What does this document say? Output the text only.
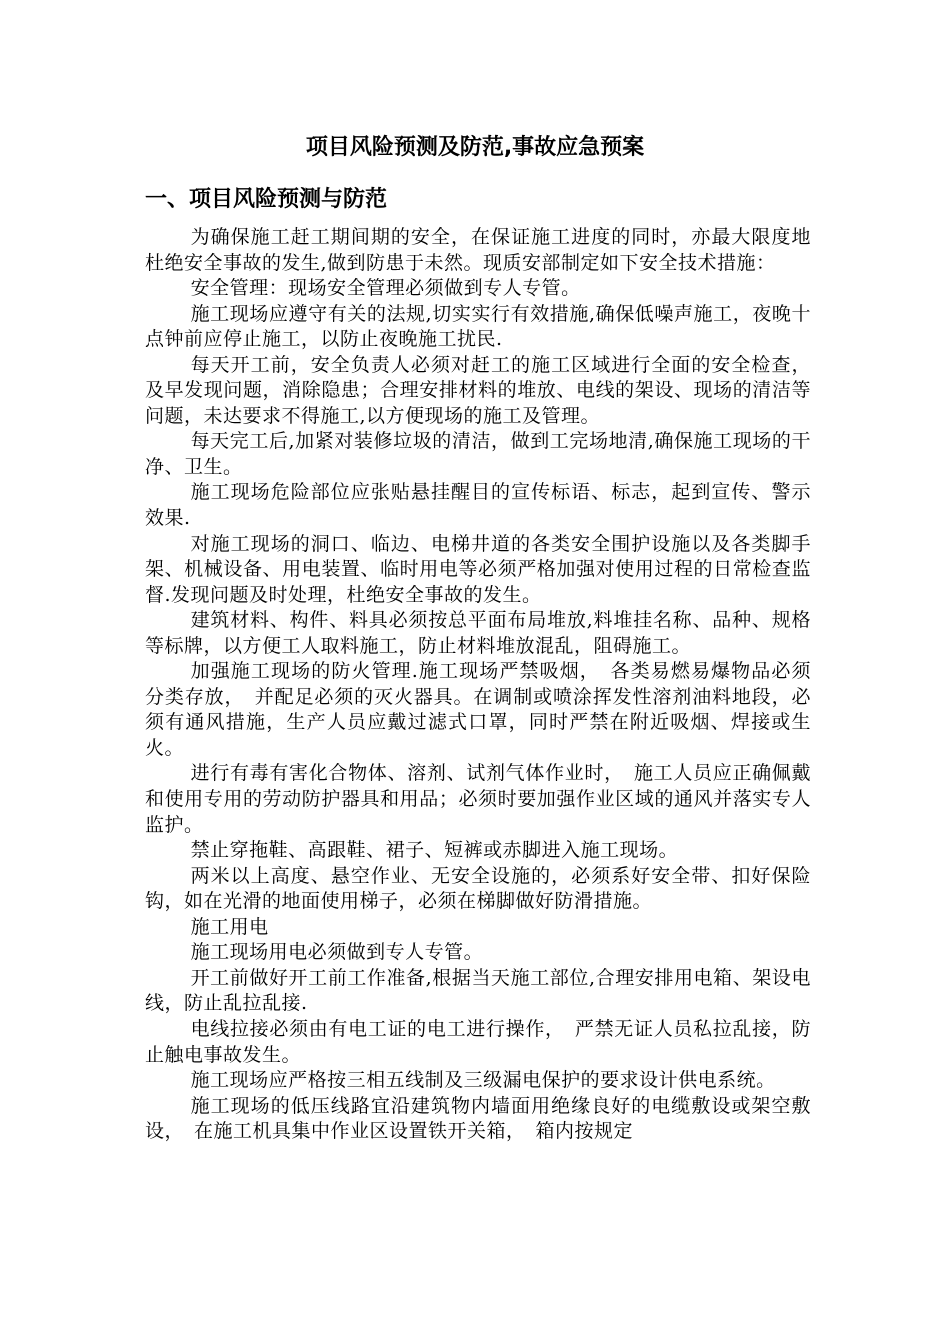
项目风险预测及防范,事故应急预案
一、项目风险预测与防范

为确保施工赶工期间期的安全，在保证施工进度的同时，亦最大限度地杜绝安全事故的发生,做到防患于未然。现质安部制定如下安全技术措施：

安全管理：现场安全管理必须做到专人专管。

施工现场应遵守有关的法规,切实实行有效措施,确保低噪声施工，夜晚十点钟前应停止施工，以防止夜晚施工扰民.

每天开工前，安全负责人必须对赶工的施工区域进行全面的安全检查，及早发现问题，消除隐患；合理安排材料的堆放、电线的架设、现场的清洁等问题，未达要求不得施工,以方便现场的施工及管理。

每天完工后,加紧对装修垃圾的清洁，做到工完场地清,确保施工现场的干净、卫生。

施工现场危险部位应张贴悬挂醒目的宣传标语、标志，起到宣传、警示效果.

对施工现场的洞口、临边、电梯井道的各类安全围护设施以及各类脚手架、机械设备、用电装置、临时用电等必须严格加强对使用过程的日常检查监督.发现问题及时处理，杜绝安全事故的发生。

建筑材料、构件、料具必须按总平面布局堆放,料堆挂名称、品种、规格等标牌，以方便工人取料施工，防止材料堆放混乱，阻碍施工。

加强施工现场的防火管理.施工现场严禁吸烟，　各类易燃易爆物品必须分类存放，　并配足必须的灭火器具。在调制或喷涂挥发性溶剂油料地段，必须有通风措施，生产人员应戴过滤式口罩，同时严禁在附近吸烟、焊接或生火。

进行有毒有害化合物体、溶剂、试剂气体作业时，　施工人员应正确佩戴和使用专用的劳动防护器具和用品；必须时要加强作业区域的通风并落实专人监护。

禁止穿拖鞋、高跟鞋、裙子、短裤或赤脚进入施工现场。

两米以上高度、悬空作业、无安全设施的，必须系好安全带、扣好保险钩，如在光滑的地面使用梯子，必须在梯脚做好防滑措施。

施工用电

施工现场用电必须做到专人专管。

开工前做好开工前工作准备,根据当天施工部位,合理安排用电箱、架设电线，防止乱拉乱接.

电线拉接必须由有电工证的电工进行操作，　严禁无证人员私拉乱接，防止触电事故发生。

施工现场应严格按三相五线制及三级漏电保护的要求设计供电系统。

施工现场的低压线路宜沿建筑物内墙面用绝缘良好的电缆敷设或架空敷设，　在施工机具集中作业区设置铁开关箱，　箱内按规定
